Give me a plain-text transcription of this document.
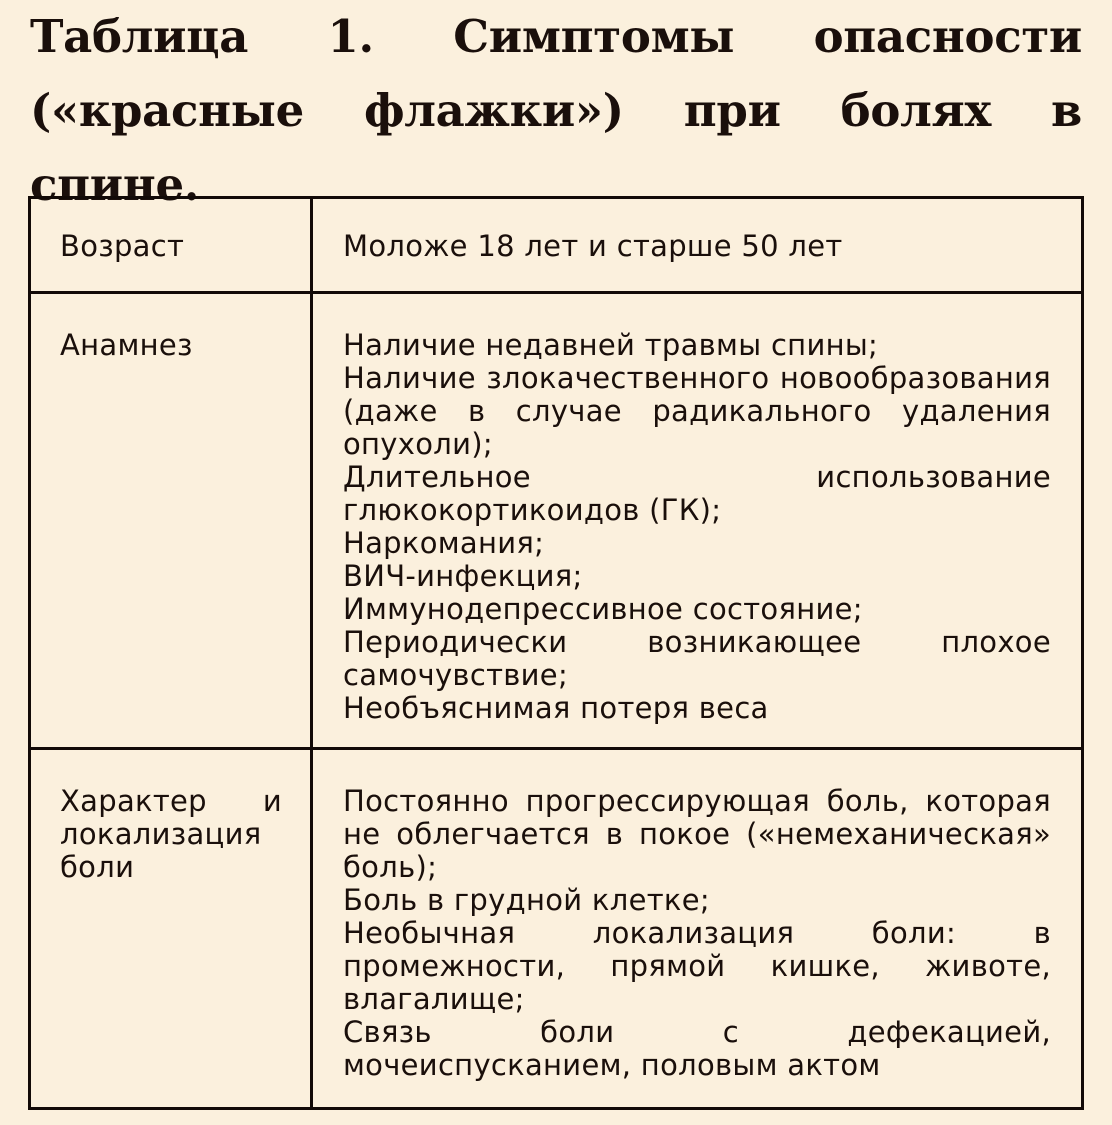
Таблица 1. Симптомы опасности («красные флажки») при болях в спине.
Возраст	Моложе 18 лет и старше 50 лет
Анамнез	Наличие недавней травмы спины;
Наличие злокачественного новообразования (даже в случае радикального удаления опухоли);
Длительное использование глюкокортикоидов (ГК);
Наркомания;
ВИЧ-инфекция;
Иммунодепрессивное состояние;
Периодически возникающее плохое самочувствие;
Необъяснимая потеря веса
Характер и локализация боли
Постоянно прогрессирующая боль, которая не облегчается в покое («немеханическая» боль);
Боль в грудной клетке;
Необычная локализация боли: в промежности, прямой кишке, животе, влагалище;
Связь боли с дефекацией, мочеиспусканием, половым актом
